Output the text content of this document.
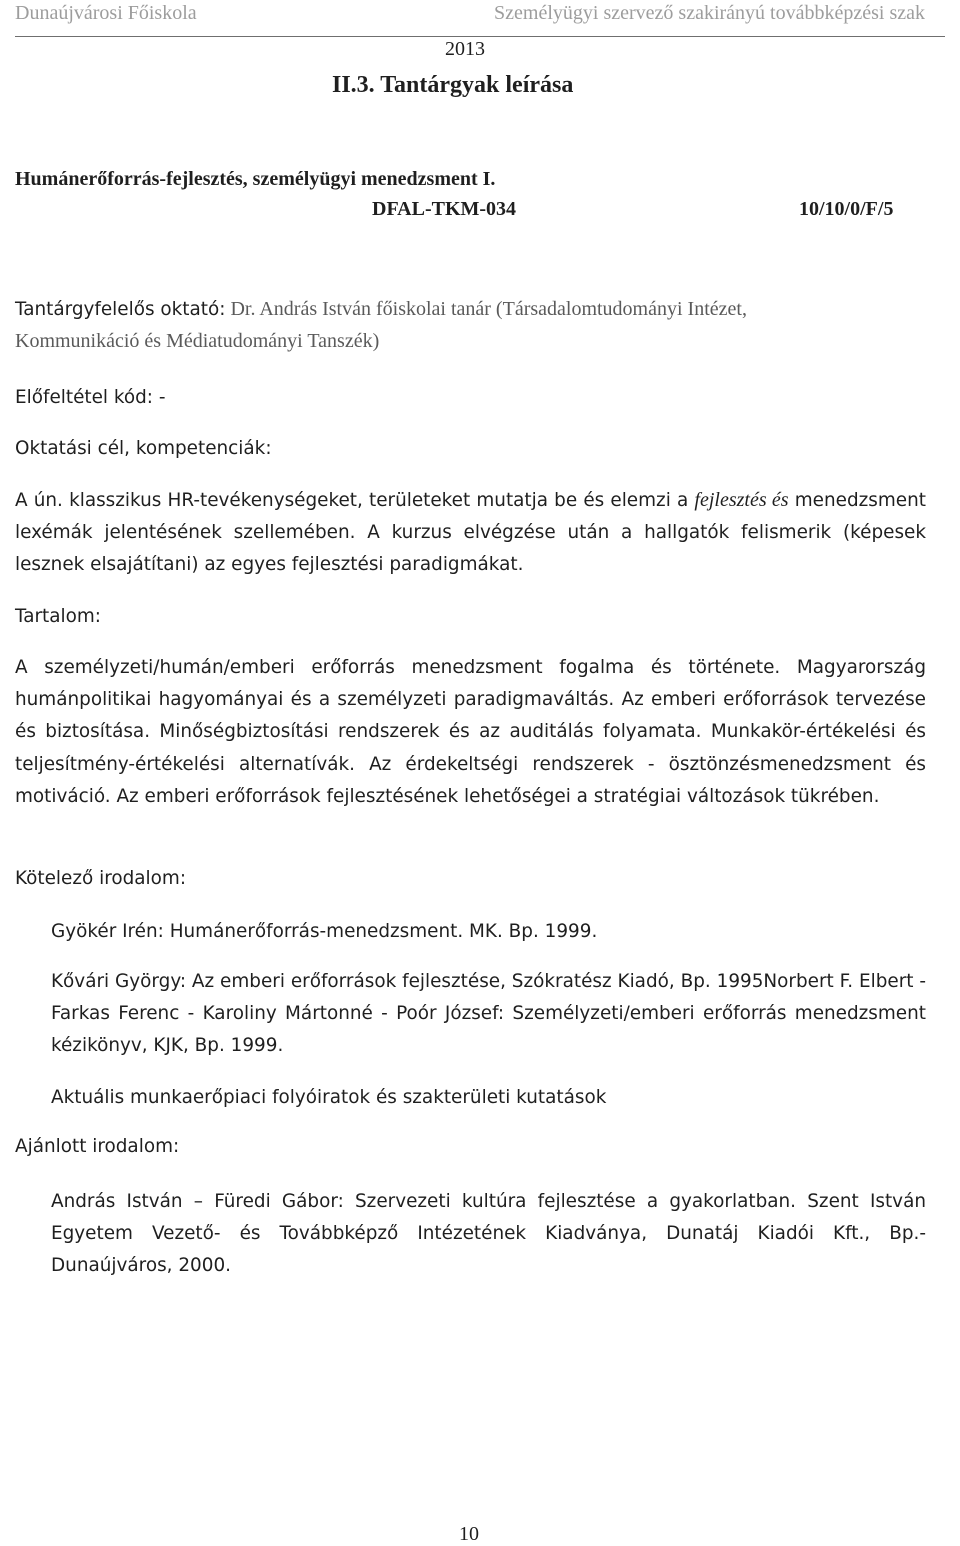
Dunaújvárosi Főiskola	Személyügyi szervező szakirányú továbbképzési szak
2013
II.3. Tantárgyak leírása
Humánerőforrás-fejlesztés, személyügyi menedzsment I.
DFAL-TKM-034	10/10/0/F/5
Tantárgyfelelős oktató: Dr. András István főiskolai tanár (Társadalomtudományi Intézet,
Kommunikáció és Médiatudományi Tanszék)
Előfeltétel kód: -
Oktatási cél, kompetenciák:
A ún. klasszikus HR-tevékenységeket, területeket mutatja be és elemzi a fejlesztés és menedzsment lexémák jelentésének szellemében. A kurzus elvégzése után a hallgatók felismerik (képesek lesznek elsajátítani) az egyes fejlesztési paradigmákat.
Tartalom:
A személyzeti/humán/emberi erőforrás menedzsment fogalma és története. Magyarország humánpolitikai hagyományai és a személyzeti paradigmaváltás. Az emberi erőforrások tervezése és biztosítása. Minőségbiztosítási rendszerek és az auditálás folyamata. Munkakör-értékelési és teljesítmény-értékelési alternatívák. Az érdekeltségi rendszerek - ösztönzésmenedzsment és motiváció. Az emberi erőforrások fejlesztésének lehetőségei a stratégiai változások tükrében.
Kötelező irodalom:
Gyökér Irén: Humánerőforrás-menedzsment. MK. Bp. 1999.
Kővári György: Az emberi erőforrások fejlesztése, Szókratész Kiadó, Bp. 1995Norbert F. Elbert - Farkas Ferenc - Karoliny Mártonné - Poór József: Személyzeti/emberi erőforrás menedzsment kézikönyv, KJK, Bp. 1999.
Aktuális munkaerőpiaci folyóiratok és szakterületi kutatások
Ajánlott irodalom:
András István – Füredi Gábor: Szervezeti kultúra fejlesztése a gyakorlatban. Szent István Egyetem Vezető- és Továbbképző Intézetének Kiadványa, Dunatáj Kiadói Kft., Bp.- Dunaújváros, 2000.
10
